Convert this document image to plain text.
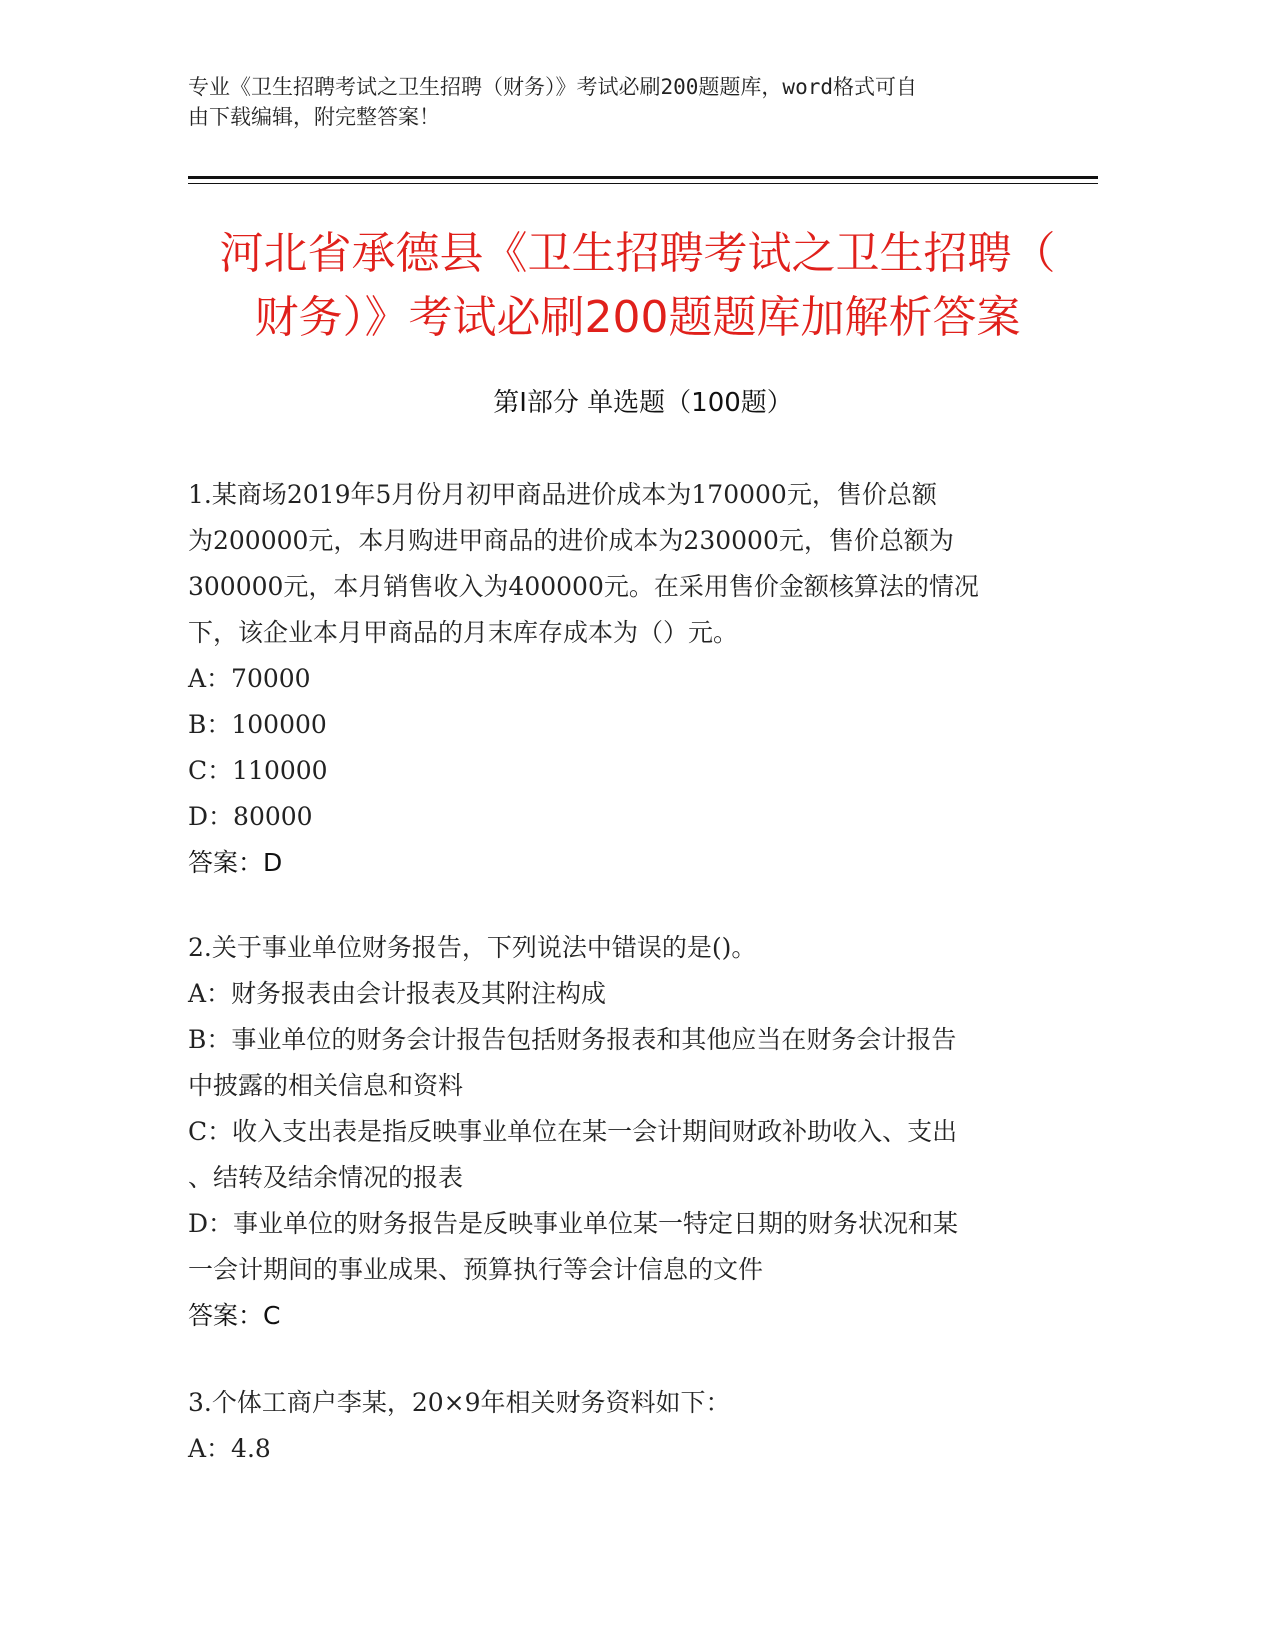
专业《卫生招聘考试之卫生招聘（财务）》考试必刷200题题库，word格式可自
由下载编辑，附完整答案！
河北省承德县《卫生招聘考试之卫生招聘（
财务）》考试必刷200题题库加解析答案
第Ⅰ部分 单选题（100题）
1.某商场2019年5月份月初甲商品进价成本为170000元，售价总额
为200000元，本月购进甲商品的进价成本为230000元，售价总额为
300000元，本月销售收入为400000元。在采用售价金额核算法的情况
下，该企业本月甲商品的月末库存成本为（）元。
A：70000
B：100000
C：110000
D：80000
答案：D
2.关于事业单位财务报告，下列说法中错误的是()。
A：财务报表由会计报表及其附注构成
B：事业单位的财务会计报告包括财务报表和其他应当在财务会计报告
中披露的相关信息和资料
C：收入支出表是指反映事业单位在某一会计期间财政补助收入、支出
、结转及结余情况的报表
D：事业单位的财务报告是反映事业单位某一特定日期的财务状况和某
一会计期间的事业成果、预算执行等会计信息的文件
答案：C
3.个体工商户李某，20×9年相关财务资料如下：
A：4.8
